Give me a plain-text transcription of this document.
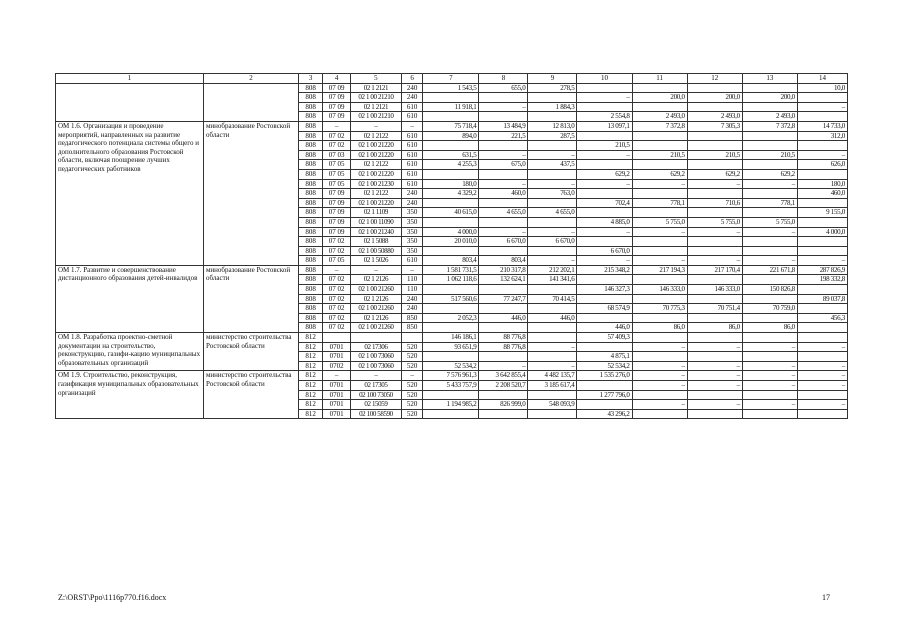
1	2	3	4	5	6	7	8	9	10	11	12	13	14
		808	07 09	02 1 2121	240	1 543,5	655,0	278,5					10,0
		808	07 09	02 1 00 21210	240				–	200,0	200,0	200,0	
		808	07 09	02 1 2121	610	11 918,1	–	1 884,3					–
		808	07 09	02 1 00 21210	610				2 554,8	2 493,0	2 493,0	2 493,0	
ОМ 1.6. Организация и проведение мероприятий, направленных на развитие педагогического потенциала системы общего и дополнительного образования Ростовской области, включая поощрение лучших педагогических работников	минобразование Ростовской области	808	–	–	–	75 718,4	13 484,9	12 813,0	13 097,1	7 372,8	7 305,3	7 372,8	14 733,0
		808	07 02	02 1 2122	610	894,0	221,5	287,5					312,0
		808	07 02	02 1 00 21220	610				210,5				
		808	07 03	02 1 00 21220	610	631,5	–	–	–	210,5	210,5	210,5	–
		808	07 05	02 1 2122	610	4 255,3	675,0	437,5					626,0
		808	07 05	02 1 00 21220	610				629,2	629,2	629,2	629,2	
		808	07 05	02 1 00 21230	610	180,0	–	–	–	–	–	–	180,0
		808	07 09	02 1 2122	240	4 329,2	460,0	763,0					460,0
		808	07 09	02 1 00 21220	240				702,4	778,1	710,6	778,1	
		808	07 09	02 1 1109	350	40 615,0	4 655,0	4 655,0					9 155,0
		808	07 09	02 1 00 11090	350				4 885,0	5 755,0	5 755,0	5 755,0	
		808	07 09	02 1 00 21240	350	4 000,0	–	–	–	–	–	–	4 000,0
		808	07 02	02 1 5088	350	20 010,0	6 670,0	6 670,0					
		808	07 02	02 1 00 50880	350				6 670,0				
		808	07 05	02 1 5026	610	803,4	803,4	–	–	–	–	–	–
ОМ 1.7. Развитие и совершенствование дистанционного образования детей-инвалидов	минобразование Ростовской области	808	–	–	–	1 581 731,5	210 317,8	212 202,1	215 348,2	217 194,3	217 170,4	221 671,8	287 826,9
		808	07 02	02 1 2126	110	1 062 118,6	132 624,1	141 341,6					198 332,8
		808	07 02	02 1 00 21260	110				146 327,3	146 333,0	146 333,0	150 826,8	
		808	07 02	02 1 2126	240	517 560,6	77 247,7	70 414,5					89 037,8
		808	07 02	02 1 00 21260	240				68 574,9	70 775,3	70 751,4	70 759,0	
		808	07 02	02 1 2126	850	2 052,3	446,0	446,0					456,3
		808	07 02	02 1 00 21260	850				446,0	86,0	86,0	86,0	
ОМ 1.8. Разработка проектно-сметной документации на строительство, реконструкцию, газифи-кацию муниципальных образовательных организаций	министерство строительства Ростовской области	812				146 186,1	88 776,8		57 409,3				
		812	0701	02 17306	520	93 651,9	88 776,8	–		–	–	–	–
		812	0701	02 1 00 73060	520				4 875,1				
		812	0702	02 1 00 73060	520	52 534,2	–	–	52 534,2	–	–	–	–
ОМ 1.9. Строительство, реконструкция, газификация муниципальных образовательных организаций	министерство строительства Ростовской области	812	–	–	–	7 576 961,3	3 642 855,4	4 482 135,7	1 535 276,0	–	–	–	–
		812	0701	02 17305	520	5 433 757,9	2 208 520,7	3 185 617,4		–	–	–	–
		812	0701	02 100 73050	520				1 277 796,0				
		812	0701	02 15059	520	1 194 985,2	826 999,0	548 093,9		–	–	–	–
		812	0701	02 100 58590	520				43 296,2				
Z:\ORST\Ppo\1116p770.f16.docx	17
